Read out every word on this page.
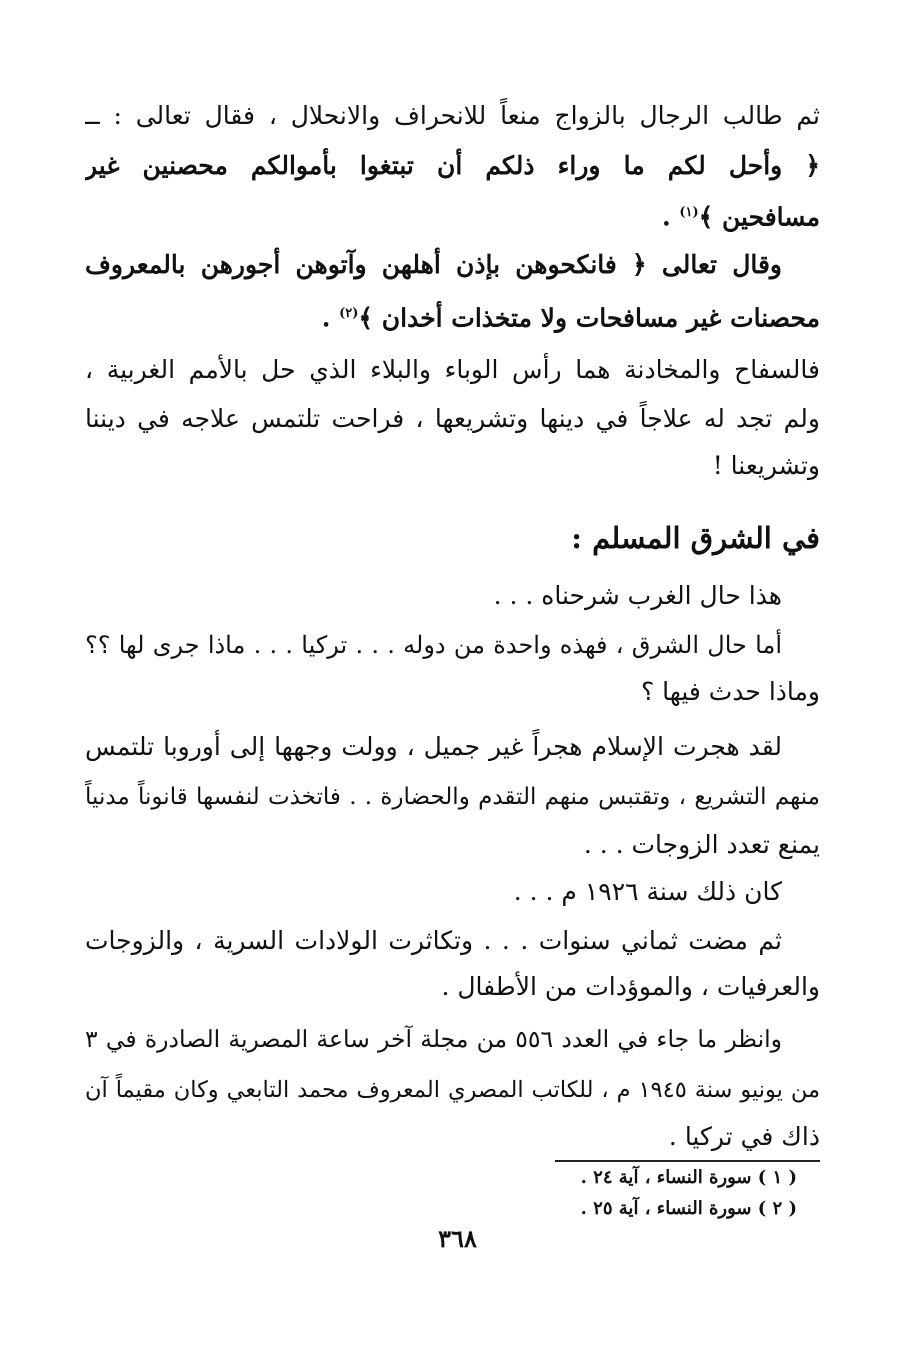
ثم طالب الرجال بالزواج منعاً للانحراف والانحلال ، فقال تعالى : ــ
﴿ وأحل لكم ما وراء ذلكم أن تبتغوا بأموالكم محصنين غير
مسافحين ﴾$^{(١)}$ .
وقال تعالى ﴿ فانكحوهن بإذن أهلهن وآتوهن أجورهن بالمعروف
محصنات غير مسافحات ولا متخذات أخدان ﴾$^{(٢)}$ .
فالسفاح والمخادنة هما رأس الوباء والبلاء الذي حل بالأمم الغربية ،
ولم تجد له علاجاً في دينها وتشريعها ، فراحت تلتمس علاجه في ديننا
وتشريعنا !
في الشرق المسلم :
هذا حال الغرب شرحناه . . .
أما حال الشرق ، فهذه واحدة من دوله . . . تركيا . . . ماذا جرى لها ؟؟
وماذا حدث فيها ؟
لقد هجرت الإسلام هجراً غير جميل ، وولت وجهها إلى أوروبا تلتمس
منهم التشريع ، وتقتبس منهم التقدم والحضارة . . فاتخذت لنفسها قانوناً مدنياً
يمنع تعدد الزوجات . . .
كان ذلك سنة ١٩٢٦ م . . .
ثم مضت ثماني سنوات . . . وتكاثرت الولادات السرية ، والزوجات
والعرفيات ، والموؤدات من الأطفال .
وانظر ما جاء في العدد ٥٥٦ من مجلة آخر ساعة المصرية الصادرة في ٣
من يونيو سنة ١٩٤٥ م ، للكاتب المصري المعروف محمد التابعي وكان مقيماً آن
ذاك في تركيا .
( ١ ) سورة النساء ، آية ٢٤ .
( ٢ ) سورة النساء ، آية ٢٥ .
٣٦٨
